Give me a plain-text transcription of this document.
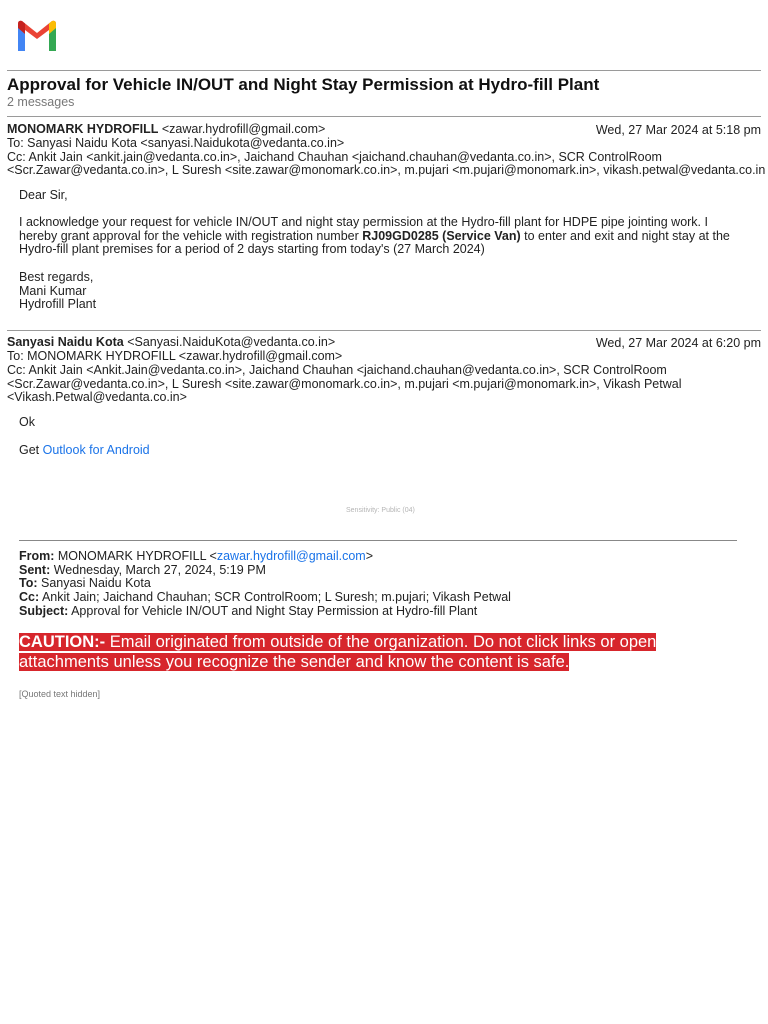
Approval for Vehicle IN/OUT and Night Stay Permission at Hydro-fill Plant
2 messages
MONOMARK HYDROFILL <zawar.hydrofill@gmail.com>	Wed, 27 Mar 2024 at 5:18 pm
To: Sanyasi Naidu Kota <sanyasi.Naidukota@vedanta.co.in>
Cc: Ankit Jain <ankit.jain@vedanta.co.in>, Jaichand Chauhan <jaichand.chauhan@vedanta.co.in>, SCR ControlRoom
<Scr.Zawar@vedanta.co.in>, L Suresh <site.zawar@monomark.co.in>, m.pujari <m.pujari@monomark.in>, vikash.petwal@vedanta.co.in
Dear Sir,
I acknowledge your request for vehicle IN/OUT and night stay permission at the Hydro-fill plant for HDPE pipe jointing work. I hereby grant approval for the vehicle with registration number RJ09GD0285 (Service Van) to enter and exit and night stay at the Hydro-fill plant premises for a period of 2 days starting from today's (27 March 2024)
Best regards,
Mani Kumar
Hydrofill Plant
Sanyasi Naidu Kota <Sanyasi.NaiduKota@vedanta.co.in>	Wed, 27 Mar 2024 at 6:20 pm
To: MONOMARK HYDROFILL <zawar.hydrofill@gmail.com>
Cc: Ankit Jain <Ankit.Jain@vedanta.co.in>, Jaichand Chauhan <jaichand.chauhan@vedanta.co.in>, SCR ControlRoom
<Scr.Zawar@vedanta.co.in>, L Suresh <site.zawar@monomark.co.in>, m.pujari <m.pujari@monomark.in>, Vikash Petwal
<Vikash.Petwal@vedanta.co.in>
Ok
Get Outlook for Android
Sensitivity: Public (04)
From: MONOMARK HYDROFILL <zawar.hydrofill@gmail.com>
Sent: Wednesday, March 27, 2024, 5:19 PM
To: Sanyasi Naidu Kota
Cc: Ankit Jain; Jaichand Chauhan; SCR ControlRoom; L Suresh; m.pujari; Vikash Petwal
Subject: Approval for Vehicle IN/OUT and Night Stay Permission at Hydro-fill Plant
CAUTION:- Email originated from outside of the organization. Do not click links or open attachments unless you recognize the sender and know the content is safe.
[Quoted text hidden]
